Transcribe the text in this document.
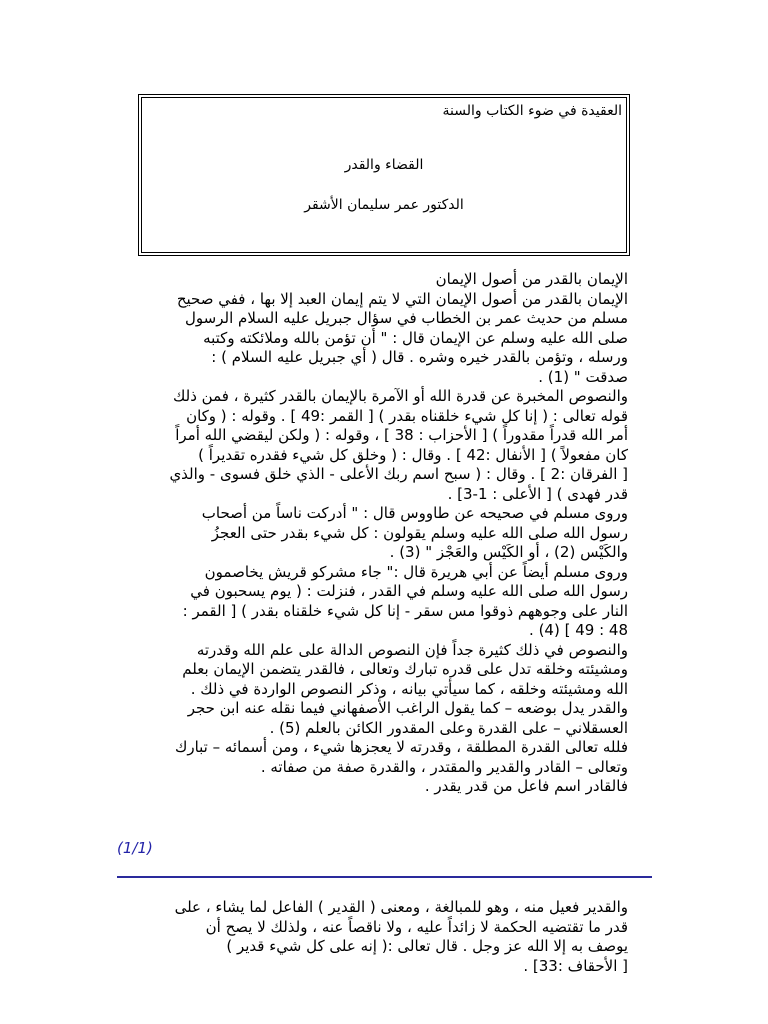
العقيدة في ضوء الكتاب والسنة
القضاء والقدر
الدكتور عمر سليمان الأشقر
الإيمان بالقدر من أصول الإيمان
الإيمان بالقدر من أصول الإيمان التي لا يتم إيمان العبد إلا بها ، ففي صحيح
مسلم من حديث عمر بن الخطاب في سؤال جبريل عليه السلام الرسول
صلى الله عليه وسلم عن الإيمان قال : " أن تؤمن بالله وملائكته وكتبه
ورسله ، وتؤمن بالقدر خيره وشره . قال ( أي جبريل عليه السلام ) :
صدقت " (1) .
والنصوص المخبرة عن قدرة الله أو الآمرة بالإيمان بالقدر كثيرة ، فمن ذلك
قوله تعالى : ( إنا كل شيء خلقناه بقدر ) [ القمر :49 ] . وقوله : ( وكان
أمر الله قدراً مقدوراً ) [ الأحزاب : 38 ] ، وقوله : ( ولكن ليقضي الله أمراً
كان مفعولاً ) [ الأنفال :42 ] . وقال : ( وخلق كل شيء فقدره تقديراً )
[ الفرقان :2 ] . وقال : ( سبح اسم ربك الأعلى - الذي خلق فسوى - والذي
قدر فهدى ) [ الأعلى : 1-3] .
وروى مسلم في صحيحه عن طاووس قال : " أدركت ناساً من أصحاب
رسول الله صلى الله عليه وسلم يقولون : كل شيء بقدر حتى العجزُ
والكَيْس (2) ، أو الكَيْس والعَجْز " (3) .
وروى مسلم أيضاً عن أبي هريرة قال :" جاء مشركو قريش يخاصمون
رسول الله صلى الله عليه وسلم في القدر ، فنزلت : ( يوم يسحبون في
النار على وجوههم ذوقوا مس سقر - إنا كل شيء خلقناه بقدر ) [ القمر :
48 : 49 ] (4) .
والنصوص في ذلك كثيرة جداً فإن النصوص الدالة على علم الله وقدرته
ومشيئته وخلقه تدل على قدره تبارك وتعالى ، فالقدر يتضمن الإيمان بعلم
الله ومشيئته وخلقه ، كما سيأتي بيانه ، وذكر النصوص الواردة في ذلك .
والقدر يدل بوضعه – كما يقول الراغب الأصفهاني فيما نقله عنه ابن حجر
العسقلاني – على القدرة وعلى المقدور الكائن بالعلم (5) .
فلله تعالى القدرة المطلقة ، وقدرته لا يعجزها شيء ، ومن أسمائه – تبارك
وتعالى – القادر والقدير والمقتدر ، والقدرة صفة من صفاته .
فالقادر اسم فاعل من قدر يقدر .
(1/1)
والقدير فعيل منه ، وهو للمبالغة ، ومعنى ( القدير ) الفاعل لما يشاء ، على
قدر ما تقتضيه الحكمة لا زائداً عليه ، ولا ناقصاً عنه ، ولذلك لا يصح أن
يوصف به إلا الله عز وجل . قال تعالى :( إنه على كل شيء قدير )
[ الأحقاف :33] .
